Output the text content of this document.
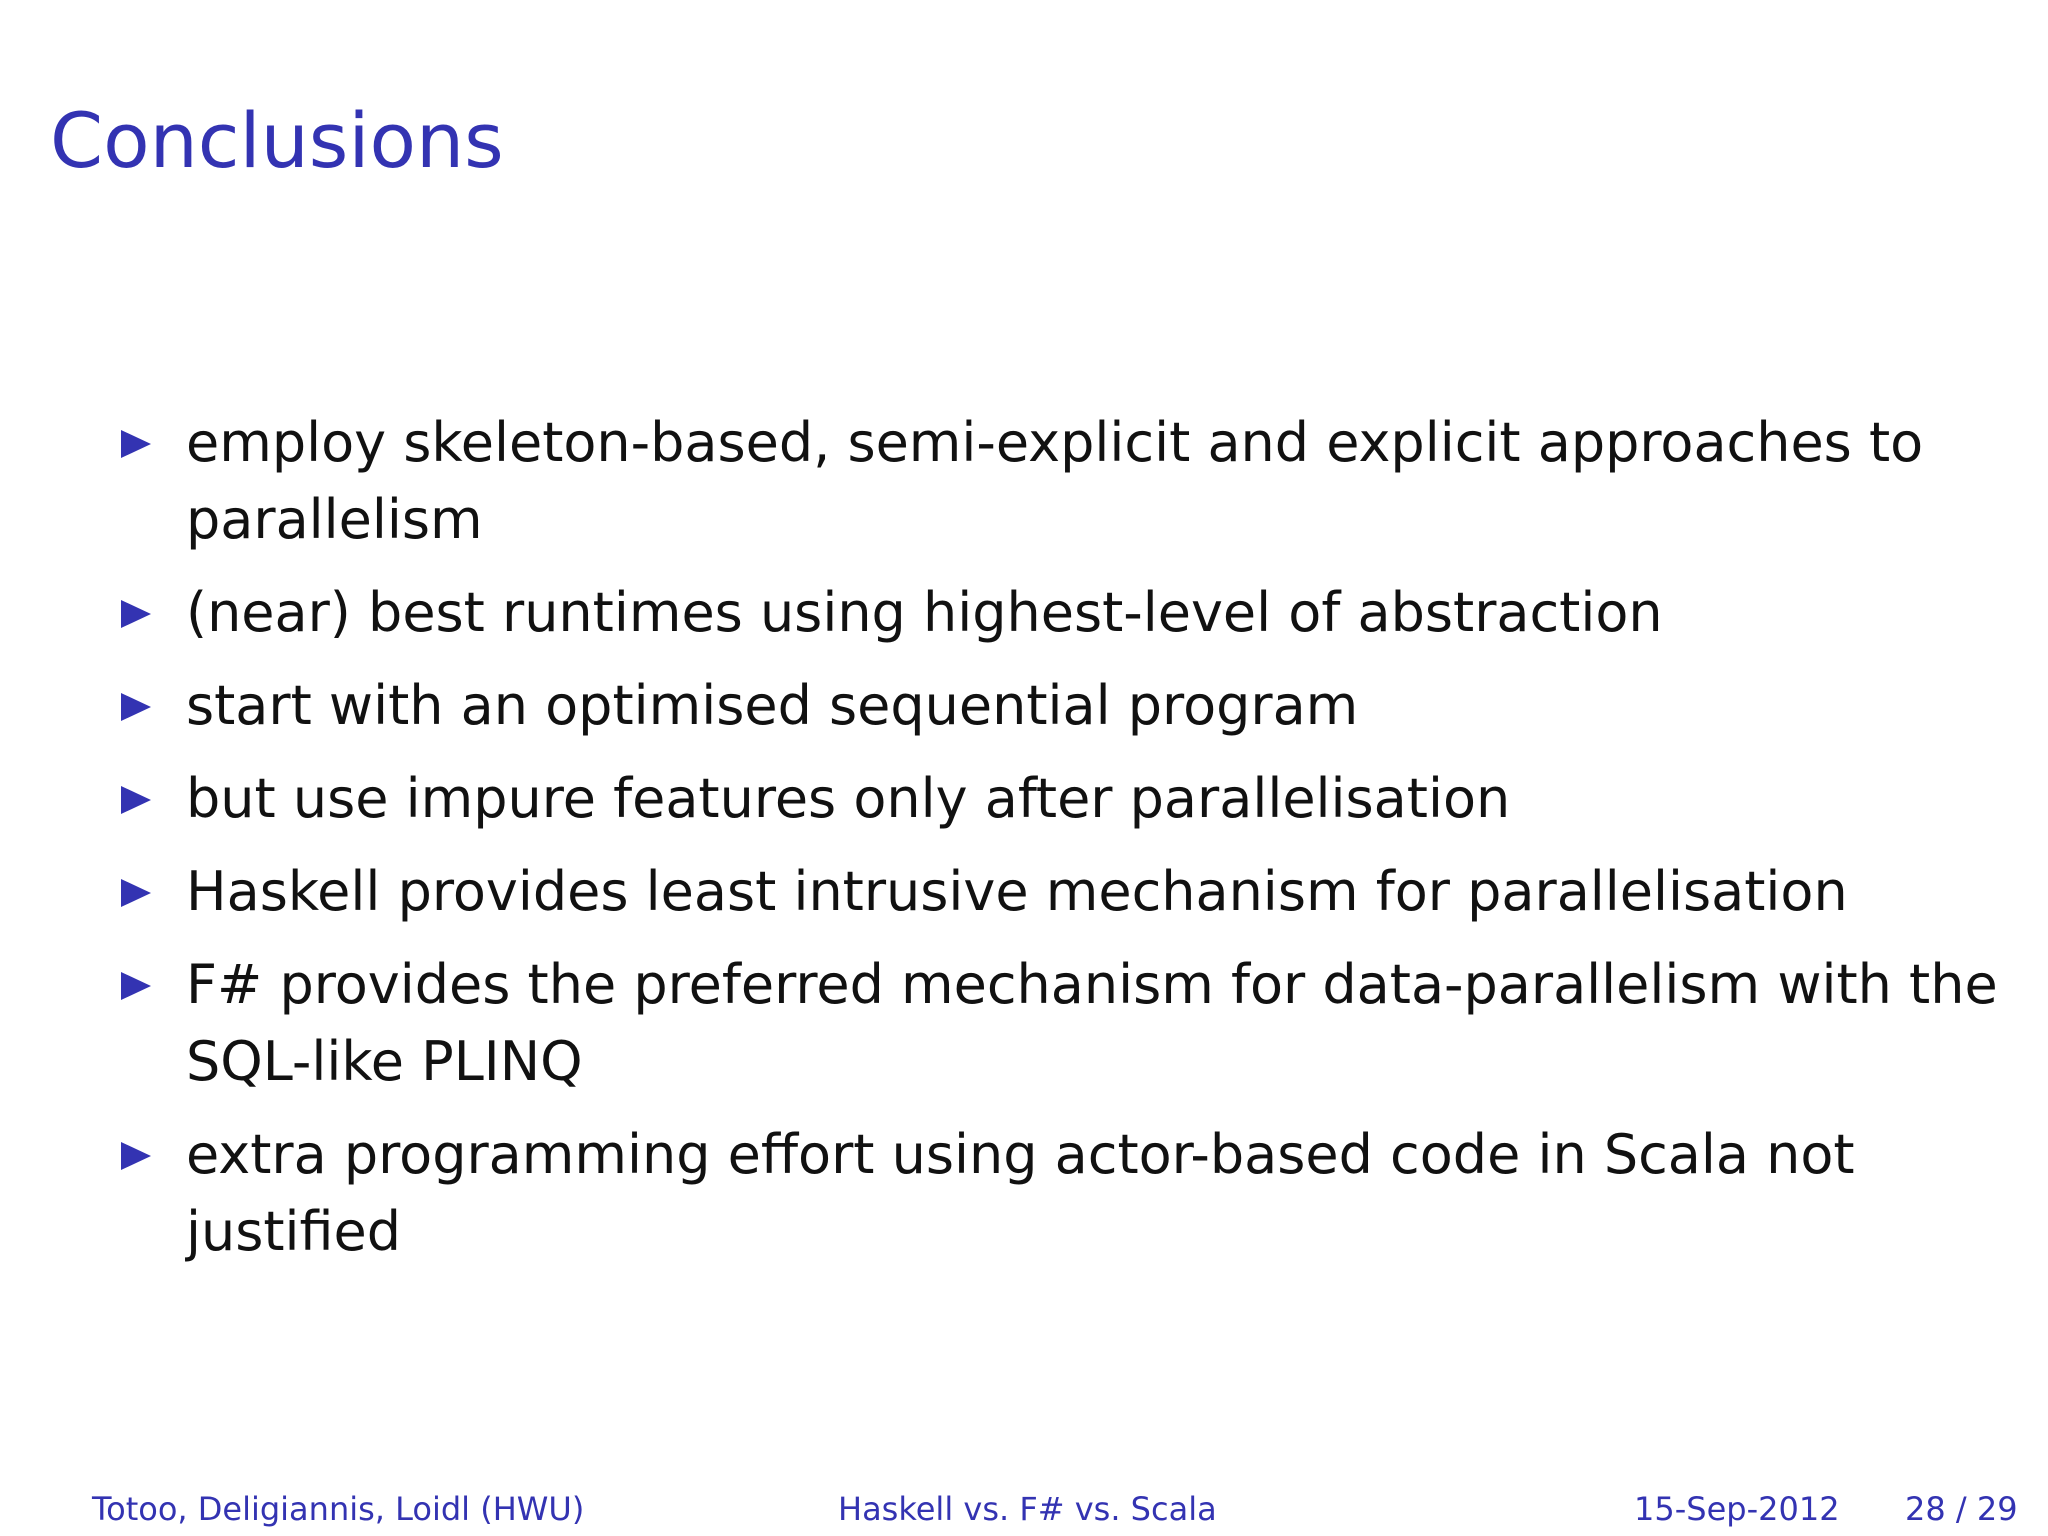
Conclusions
employ skeleton-based, semi-explicit and explicit approaches to parallelism
(near) best runtimes using highest-level of abstraction
start with an optimised sequential program
but use impure features only after parallelisation
Haskell provides least intrusive mechanism for parallelisation
F# provides the preferred mechanism for data-parallelism with the SQL-like PLINQ
extra programming effort using actor-based code in Scala not justified
Totoo, Deligiannis, Loidl (HWU)	Haskell vs. F# vs. Scala	15-Sep-2012 28 / 29
